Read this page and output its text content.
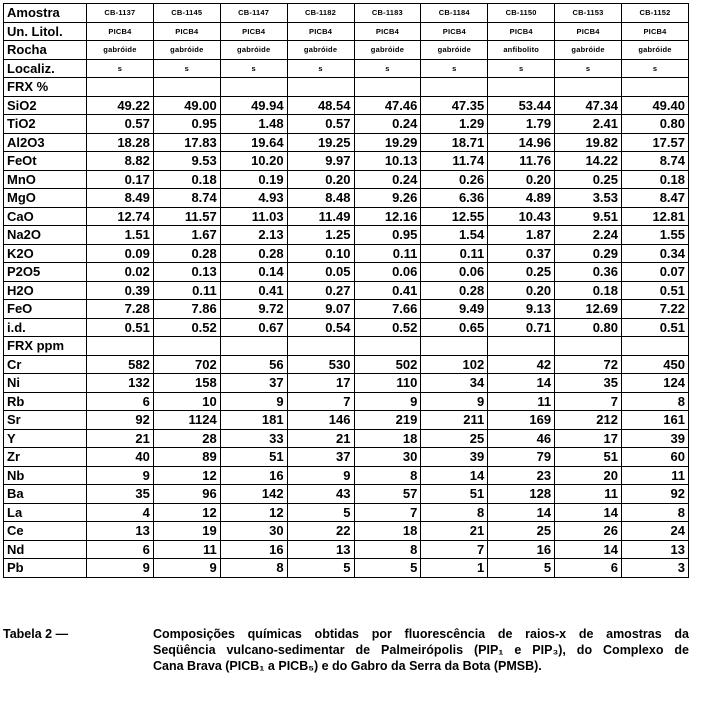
Amostra	CB-1137	CB-1145	CB-1147	CB-1182	CB-1183	CB-1184	CB-1150	CB-1153	CB-1152
Un. Litol.	PICB4	PICB4	PICB4	PICB4	PICB4	PICB4	PICB4	PICB4	PICB4
Rocha	gabróide	gabróide	gabróide	gabróide	gabróide	gabróide	anfibolito	gabróide	gabróide
Localiz.	s	s	s	s	s	s	s	s	s
FRX %									
SiO2	49.22	49.00	49.94	48.54	47.46	47.35	53.44	47.34	49.40
TiO2	0.57	0.95	1.48	0.57	0.24	1.29	1.79	2.41	0.80
Al2O3	18.28	17.83	19.64	19.25	19.29	18.71	14.96	19.82	17.57
FeOt	8.82	9.53	10.20	9.97	10.13	11.74	11.76	14.22	8.74
MnO	0.17	0.18	0.19	0.20	0.24	0.26	0.20	0.25	0.18
MgO	8.49	8.74	4.93	8.48	9.26	6.36	4.89	3.53	8.47
CaO	12.74	11.57	11.03	11.49	12.16	12.55	10.43	9.51	12.81
Na2O	1.51	1.67	2.13	1.25	0.95	1.54	1.87	2.24	1.55
K2O	0.09	0.28	0.28	0.10	0.11	0.11	0.37	0.29	0.34
P2O5	0.02	0.13	0.14	0.05	0.06	0.06	0.25	0.36	0.07
H2O	0.39	0.11	0.41	0.27	0.41	0.28	0.20	0.18	0.51
FeO	7.28	7.86	9.72	9.07	7.66	9.49	9.13	12.69	7.22
i.d.	0.51	0.52	0.67	0.54	0.52	0.65	0.71	0.80	0.51
FRX ppm									
Cr	582	702	56	530	502	102	42	72	450
Ni	132	158	37	17	110	34	14	35	124
Rb	6	10	9	7	9	9	11	7	8
Sr	92	1124	181	146	219	211	169	212	161
Y	21	28	33	21	18	25	46	17	39
Zr	40	89	51	37	30	39	79	51	60
Nb	9	12	16	9	8	14	23	20	11
Ba	35	96	142	43	57	51	128	11	92
La	4	12	12	5	7	8	14	14	8
Ce	13	19	30	22	18	21	25	26	24
Nd	6	11	16	13	8	7	16	14	13
Pb	9	9	8	5	5	1	5	6	3
Tabela 2 —	Composições químicas obtidas por fluorescência de raios-x de amostras da
Seqüência vulcano-sedimentar de Palmeirópolis (PIP₁ e PIP₃), do Complexo de
Cana Brava (PICB₁ a PICB₅) e do Gabro da Serra da Bota (PMSB).
